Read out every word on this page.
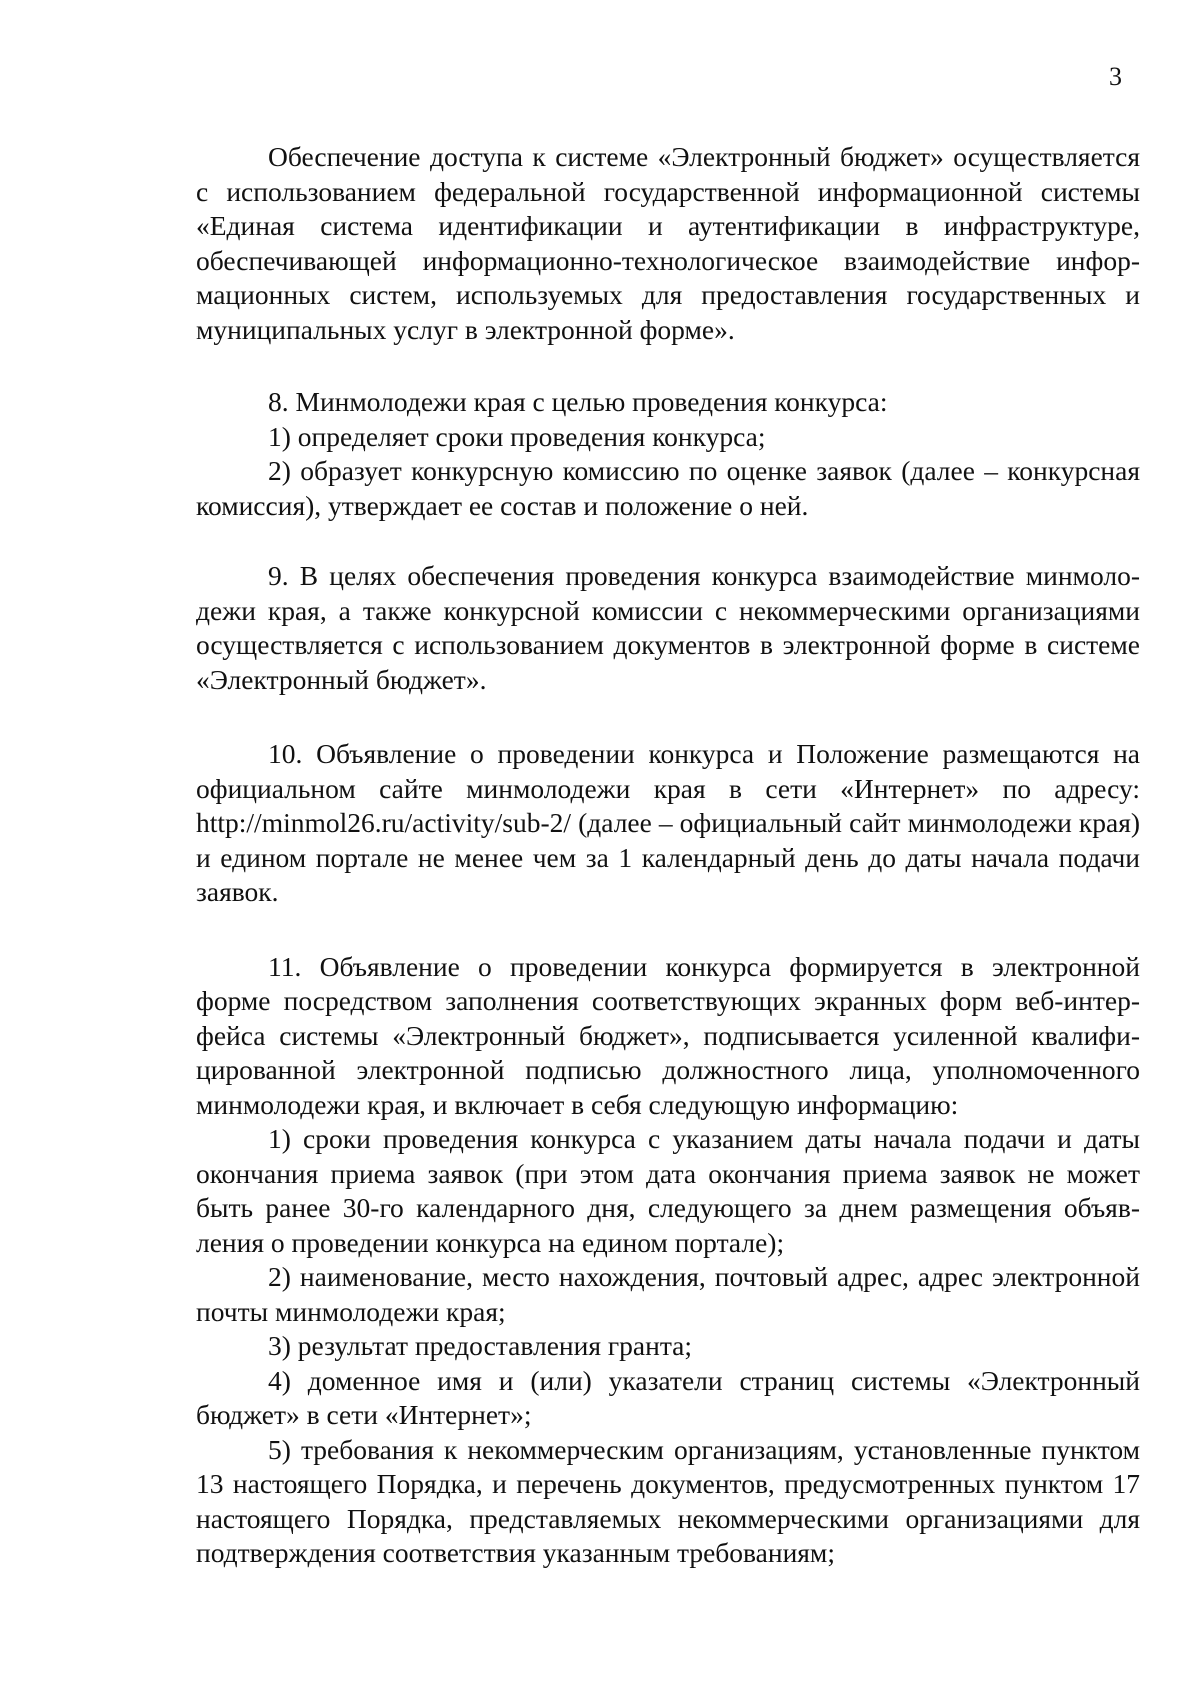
3

Обеспечение доступа к системе «Электронный бюджет» осуществляется с использованием федеральной государственной информационной системы «Единая система идентификации и аутентификации в инфраструктуре, обеспечивающей информационно-технологическое взаимодействие информационных систем, используемых для предоставления государственных и муниципальных услуг в электронной форме».

8. Минмолодежи края с целью проведения конкурса:

1) определяет сроки проведения конкурса;

2) образует конкурсную комиссию по оценке заявок (далее – конкурсная комиссия), утверждает ее состав и положение о ней.

9. В целях обеспечения проведения конкурса взаимодействие минмолодежи края, а также конкурсной комиссии с некоммерческими организациями осуществляется с использованием документов в электронной форме в системе «Электронный бюджет».

10. Объявление о проведении конкурса и Положение размещаются на официальном сайте минмолодежи края в сети «Интернет» по адресу: http://minmol26.ru/activity/sub-2/ (далее – официальный сайт минмолодежи края) и едином портале не менее чем за 1 календарный день до даты начала подачи заявок.

11. Объявление о проведении конкурса формируется в электронной форме посредством заполнения соответствующих экранных форм веб-интерфейса системы «Электронный бюджет», подписывается усиленной квалифицированной электронной подписью должностного лица, уполномоченного минмолодежи края, и включает в себя следующую информацию:

1) сроки проведения конкурса с указанием даты начала подачи и даты окончания приема заявок (при этом дата окончания приема заявок не может быть ранее 30-го календарного дня, следующего за днем размещения объявления о проведении конкурса на едином портале);

2) наименование, место нахождения, почтовый адрес, адрес электронной почты минмолодежи края;

3) результат предоставления гранта;

4) доменное имя и (или) указатели страниц системы «Электронный бюджет» в сети «Интернет»;

5) требования к некоммерческим организациям, установленные пунктом 13 настоящего Порядка, и перечень документов, предусмотренных пунктом 17 настоящего Порядка, представляемых некоммерческими организациями для подтверждения соответствия указанным требованиям;
